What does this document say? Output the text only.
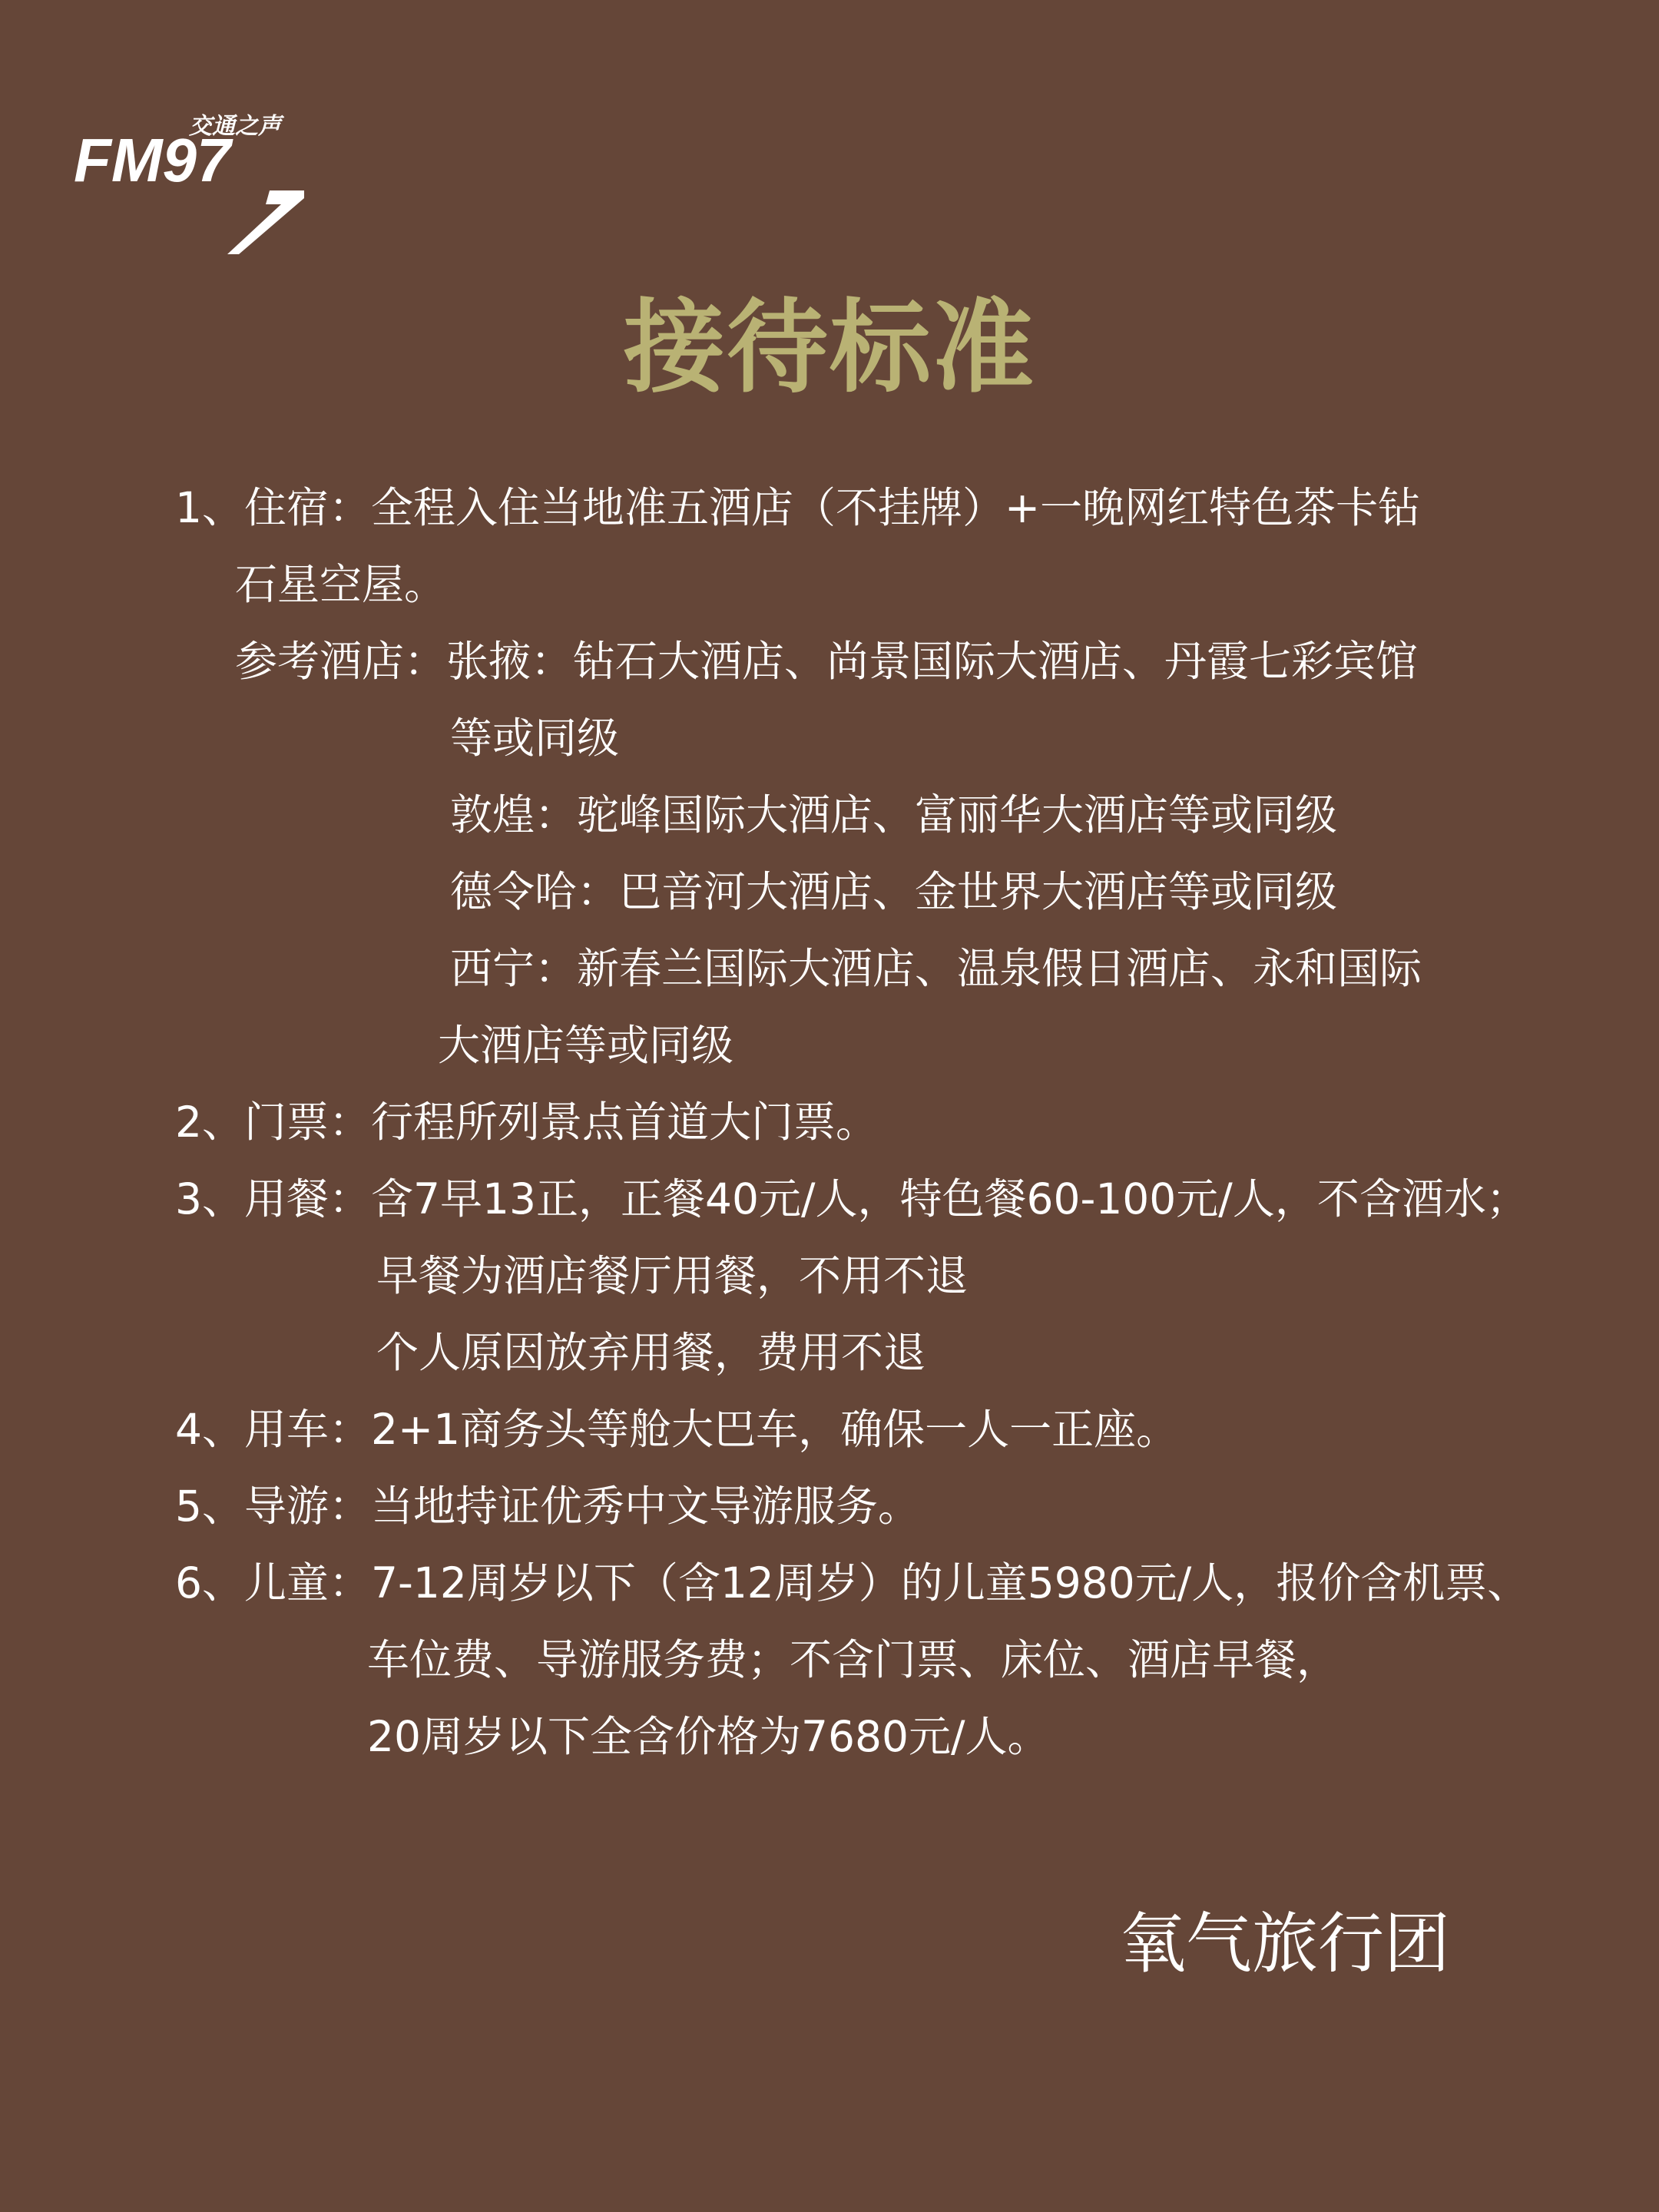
交通之声
FM97
接待标准
1、住宿：全程入住当地准五酒店（不挂牌）+一晚网红特色茶卡钻
石星空屋。
参考酒店：张掖：钻石大酒店、尚景国际大酒店、丹霞七彩宾馆
等或同级
敦煌：驼峰国际大酒店、富丽华大酒店等或同级
德令哈：巴音河大酒店、金世界大酒店等或同级
西宁：新春兰国际大酒店、温泉假日酒店、永和国际
大酒店等或同级
2、门票：行程所列景点首道大门票。
3、用餐：含7早13正，正餐40元/人，特色餐60-100元/人，不含酒水；
早餐为酒店餐厅用餐，不用不退
个人原因放弃用餐，费用不退
4、用车：2+1商务头等舱大巴车，确保一人一正座。
5、导游：当地持证优秀中文导游服务。
6、儿童：7-12周岁以下（含12周岁）的儿童5980元/人，报价含机票、
车位费、导游服务费；不含门票、床位、酒店早餐，
20周岁以下全含价格为7680元/人。
氧气旅行团
